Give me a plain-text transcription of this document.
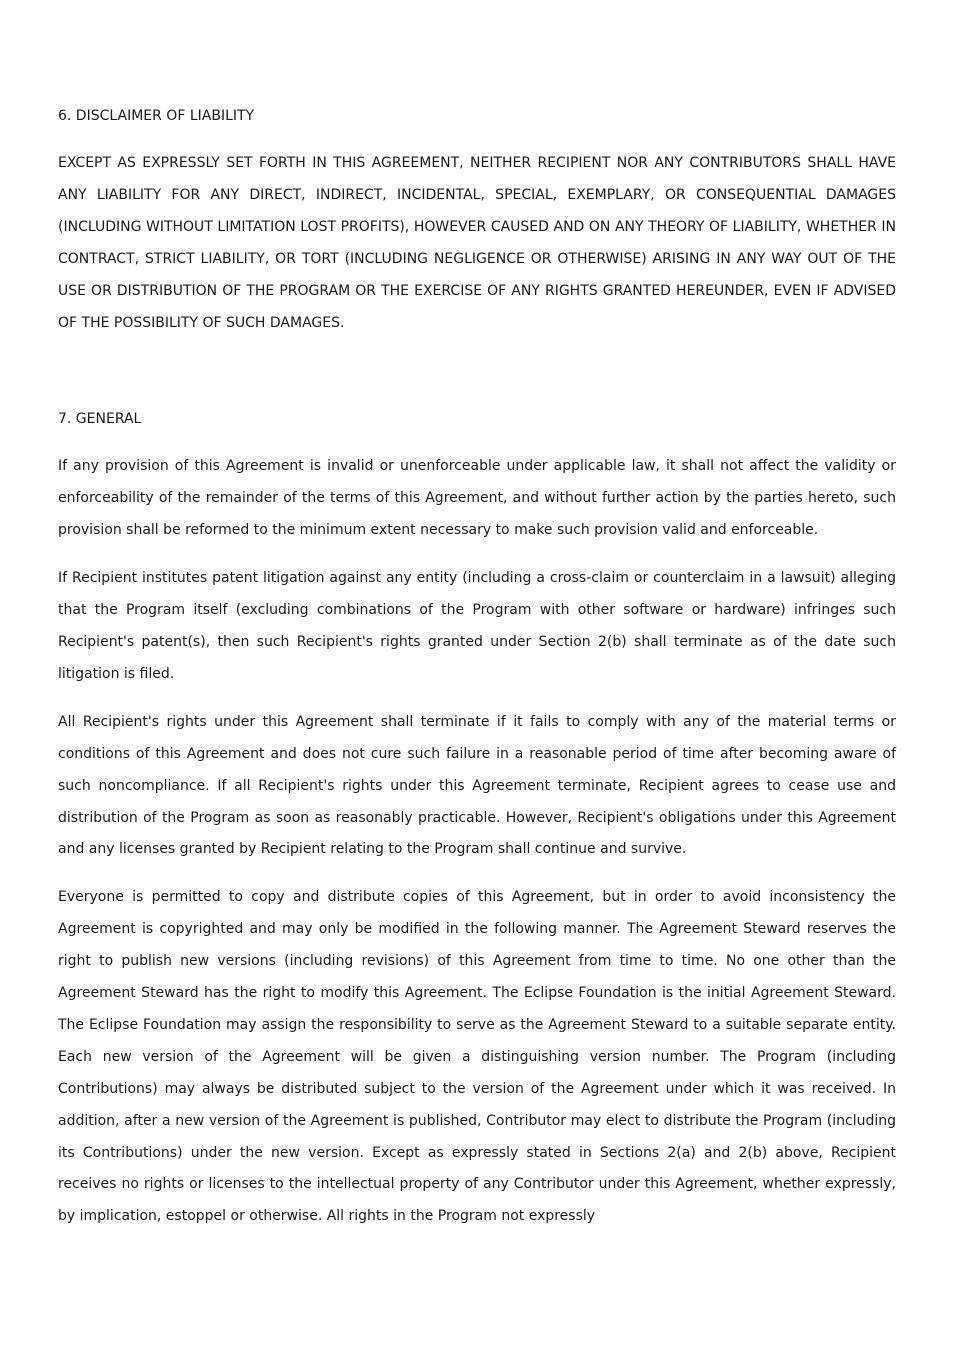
6. DISCLAIMER OF LIABILITY

EXCEPT AS EXPRESSLY SET FORTH IN THIS AGREEMENT, NEITHER RECIPIENT NOR ANY CONTRIBUTORS SHALL HAVE ANY LIABILITY FOR ANY DIRECT, INDIRECT, INCIDENTAL, SPECIAL, EXEMPLARY, OR CONSEQUENTIAL DAMAGES (INCLUDING WITHOUT LIMITATION LOST PROFITS), HOWEVER CAUSED AND ON ANY THEORY OF LIABILITY, WHETHER IN CONTRACT, STRICT LIABILITY, OR TORT (INCLUDING NEGLIGENCE OR OTHERWISE) ARISING IN ANY WAY OUT OF THE USE OR DISTRIBUTION OF THE PROGRAM OR THE EXERCISE OF ANY RIGHTS GRANTED HEREUNDER, EVEN IF ADVISED OF THE POSSIBILITY OF SUCH DAMAGES.

7. GENERAL

If any provision of this Agreement is invalid or unenforceable under applicable law, it shall not affect the validity or enforceability of the remainder of the terms of this Agreement, and without further action by the parties hereto, such provision shall be reformed to the minimum extent necessary to make such provision valid and enforceable.

If Recipient institutes patent litigation against any entity (including a cross-claim or counterclaim in a lawsuit) alleging that the Program itself (excluding combinations of the Program with other software or hardware) infringes such Recipient's patent(s), then such Recipient's rights granted under Section 2(b) shall terminate as of the date such litigation is filed.

All Recipient's rights under this Agreement shall terminate if it fails to comply with any of the material terms or conditions of this Agreement and does not cure such failure in a reasonable period of time after becoming aware of such noncompliance. If all Recipient's rights under this Agreement terminate, Recipient agrees to cease use and distribution of the Program as soon as reasonably practicable. However, Recipient's obligations under this Agreement and any licenses granted by Recipient relating to the Program shall continue and survive.

Everyone is permitted to copy and distribute copies of this Agreement, but in order to avoid inconsistency the Agreement is copyrighted and may only be modified in the following manner. The Agreement Steward reserves the right to publish new versions (including revisions) of this Agreement from time to time. No one other than the Agreement Steward has the right to modify this Agreement. The Eclipse Foundation is the initial Agreement Steward. The Eclipse Foundation may assign the responsibility to serve as the Agreement Steward to a suitable separate entity. Each new version of the Agreement will be given a distinguishing version number. The Program (including Contributions) may always be distributed subject to the version of the Agreement under which it was received. In addition, after a new version of the Agreement is published, Contributor may elect to distribute the Program (including its Contributions) under the new version. Except as expressly stated in Sections 2(a) and 2(b) above, Recipient receives no rights or licenses to the intellectual property of any Contributor under this Agreement, whether expressly, by implication, estoppel or otherwise. All rights in the Program not expressly
